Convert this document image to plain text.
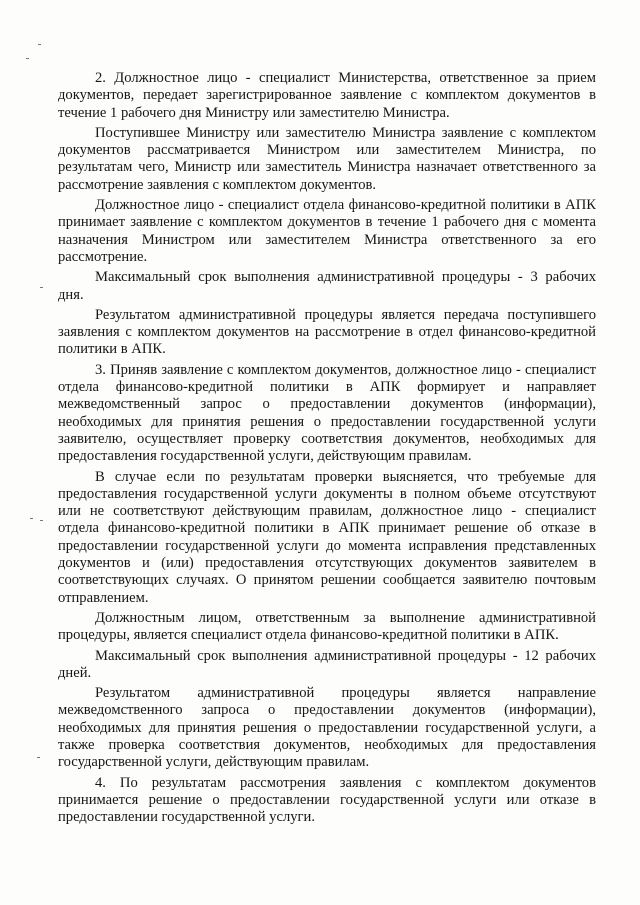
2. Должностное лицо - специалист Министерства, ответственное за прием документов, передает зарегистрированное заявление с комплектом документов в течение 1 рабочего дня Министру или заместителю Министра.

Поступившее Министру или заместителю Министра заявление с комплектом документов рассматривается Министром или заместителем Министра, по результатам чего, Министр или заместитель Министра назначает ответственного за рассмотрение заявления с комплектом документов.

Должностное лицо - специалист отдела финансово-кредитной политики в АПК принимает заявление с комплектом документов в течение 1 рабочего дня с момента назначения Министром или заместителем Министра ответственного за его рассмотрение.

Максимальный срок выполнения административной процедуры - 3 рабочих дня.

Результатом административной процедуры является передача поступившего заявления с комплектом документов на рассмотрение в отдел финансово-кредитной политики в АПК.

3. Приняв заявление с комплектом документов, должностное лицо - специалист отдела финансово-кредитной политики в АПК формирует и направляет межведомственный запрос о предоставлении документов (информации), необходимых для принятия решения о предоставлении государственной услуги заявителю, осуществляет проверку соответствия документов, необходимых для предоставления государственной услуги, действующим правилам.

В случае если по результатам проверки выясняется, что требуемые для предоставления государственной услуги документы в полном объеме отсутствуют или не соответствуют действующим правилам, должностное лицо - специалист отдела финансово-кредитной политики в АПК принимает решение об отказе в предоставлении государственной услуги до момента исправления представленных документов и (или) предоставления отсутствующих документов заявителем в соответствующих случаях. О принятом решении сообщается заявителю почтовым отправлением.

Должностным лицом, ответственным за выполнение административной процедуры, является специалист отдела финансово-кредитной политики в АПК.

Максимальный срок выполнения административной процедуры - 12 рабочих дней.

Результатом административной процедуры является направление межведомственного запроса о предоставлении документов (информации), необходимых для принятия решения о предоставлении государственной услуги, а также проверка соответствия документов, необходимых для предоставления государственной услуги, действующим правилам.

4. По результатам рассмотрения заявления с комплектом документов принимается решение о предоставлении государственной услуги или отказе в предоставлении государственной услуги.
